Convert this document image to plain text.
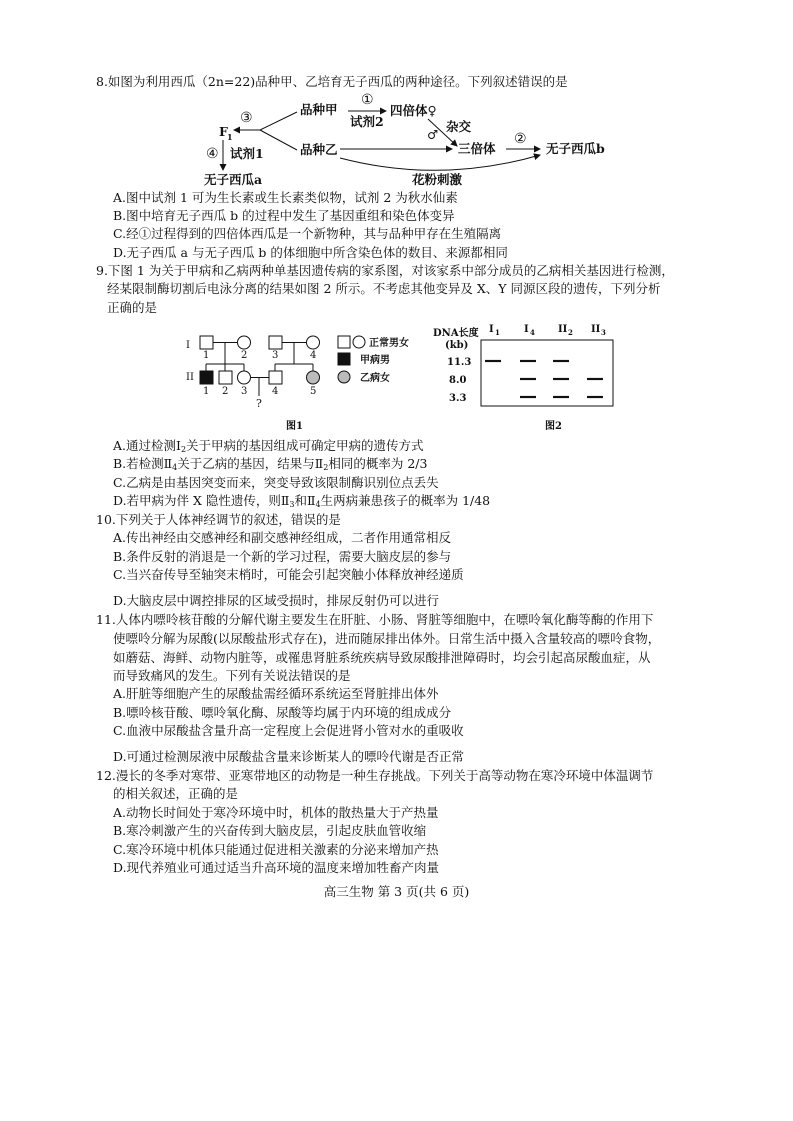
8.如图为利用西瓜（2n=22)品种甲、乙培育无子西瓜的两种途径。下列叙述错误的是
品种甲
①
试剂2
四倍体♀
③
F 1
杂交
♂
品种乙	三倍体
②
无子西瓜b
花粉刺激
④ 试剂1
无子西瓜a
A.图中试剂 1 可为生长素或生长素类似物，试剂 2 为秋水仙素
B.图中培育无子西瓜 b 的过程中发生了基因重组和染色体变异
C.经①过程得到的四倍体西瓜是一个新物种，其与品种甲存在生殖隔离
D.无子西瓜 a 与无子西瓜 b 的体细胞中所含染色体的数目、来源都相同
9.下图 1 为关于甲病和乙病两种单基因遗传病的家系图，对该家系中部分成员的乙病相关基因进行检测，
经某限制酶切割后电泳分离的结果如图 2 所示。不考虑其他变异及 X、Y 同源区段的遗传，下列分析
正确的是
I
II
1	2 3	4
?
1 2 3 4	5
正常男女
甲病男
乙病女
图1
DNA长度
(kb)
I 1 I 4 II 2 II 3
11.3
8.0
3.3
图2
A.通过检测$Ⅰ_2$关于甲病的基因组成可确定甲病的遗传方式
B.若检测$Ⅱ_4$关于乙病的基因，结果与$Ⅱ_2$相同的概率为 2/3
C.乙病是由基因突变而来，突变导致该限制酶识别位点丢失
D.若甲病为伴 X 隐性遗传，则$Ⅱ_3$和$Ⅱ_4$生两病兼患孩子的概率为 1/48
10.下列关于人体神经调节的叙述，错误的是
A.传出神经由交感神经和副交感神经组成，二者作用通常相反
B.条件反射的消退是一个新的学习过程，需要大脑皮层的参与
C.当兴奋传导至轴突末梢时，可能会引起突触小体释放神经递质
D.大脑皮层中调控排尿的区域受损时，排尿反射仍可以进行
11.人体内嘌呤核苷酸的分解代谢主要发生在肝脏、小肠、肾脏等细胞中，在嘌呤氧化酶等酶的作用下
使嘌呤分解为尿酸(以尿酸盐形式存在)，进而随尿排出体外。日常生活中摄入含量较高的嘌呤食物，
如蘑菇、海鲜、动物内脏等，或罹患肾脏系统疾病导致尿酸排泄障碍时，均会引起高尿酸血症，从
而导致痛风的发生。下列有关说法错误的是
A.肝脏等细胞产生的尿酸盐需经循环系统运至肾脏排出体外
B.嘌呤核苷酸、嘌呤氧化酶、尿酸等均属于内环境的组成成分
C.血液中尿酸盐含量升高一定程度上会促进肾小管对水的重吸收
D.可通过检测尿液中尿酸盐含量来诊断某人的嘌呤代谢是否正常
12.漫长的冬季对寒带、亚寒带地区的动物是一种生存挑战。下列关于高等动物在寒冷环境中体温调节
的相关叙述，正确的是
A.动物长时间处于寒冷环境中时，机体的散热量大于产热量
B.寒冷刺激产生的兴奋传到大脑皮层，引起皮肤血管收缩
C.寒冷环境中机体只能通过促进相关激素的分泌来增加产热
D.现代养殖业可通过适当升高环境的温度来增加牲畜产肉量
高三生物 第 3 页(共 6 页)
